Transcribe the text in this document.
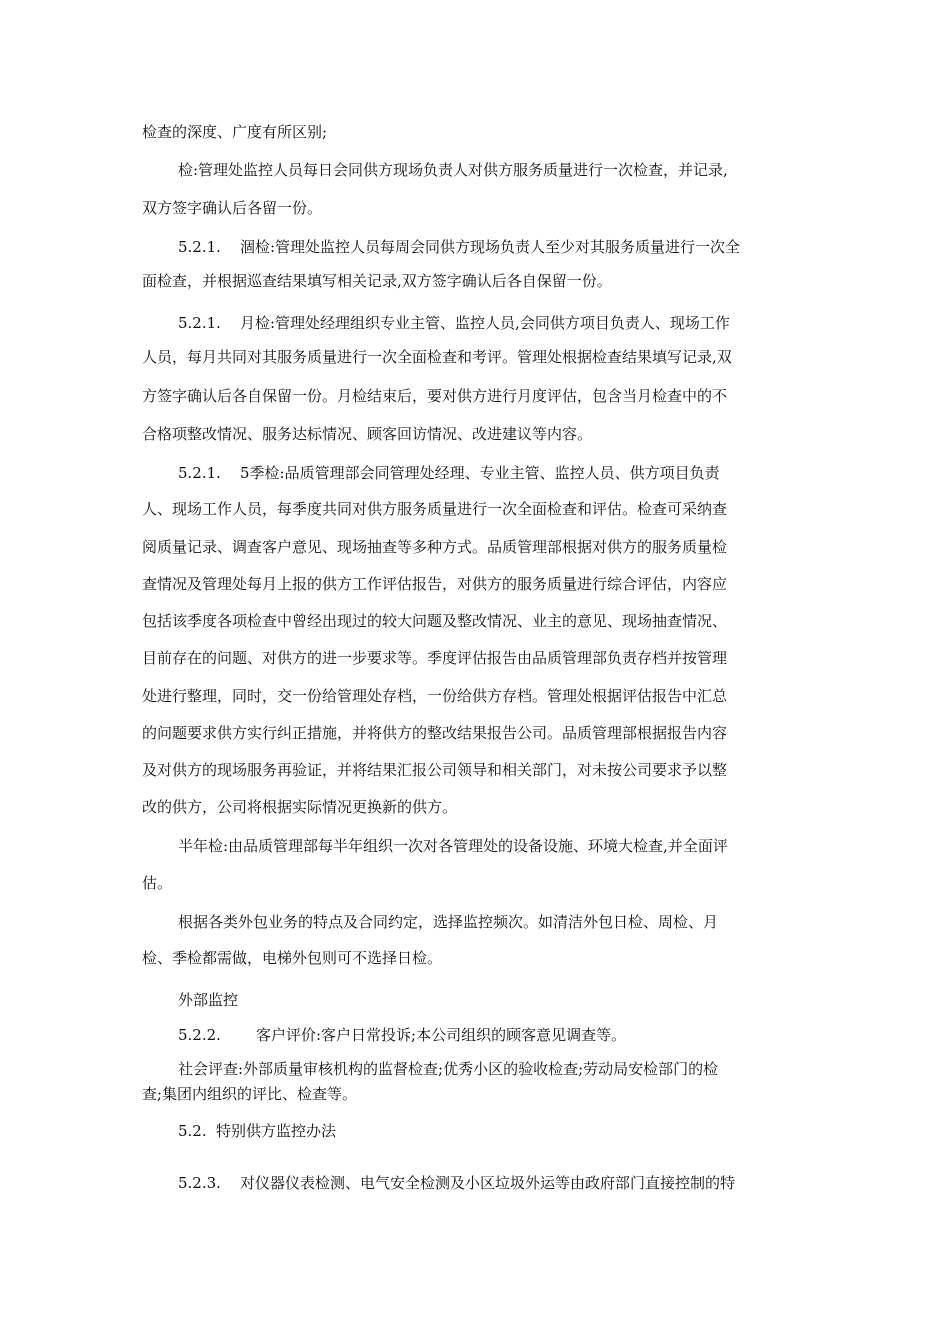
检查的深度、广度有所区别;
检:管理处监控人员每日会同供方现场负责人对供方服务质量进行一次检查，并记录,
双方签字确认后各留一份。
5.2.1. 涸检:管理处监控人员每周会同供方现场负责人至少对其服务质量进行一次全
面检查，并根据巡查结果填写相关记录,双方签字确认后各自保留一份。
5.2.1. 月检:管理处经理组织专业主管、监控人员,会同供方项目负责人、现场工作
人员，每月共同对其服务质量进行一次全面检查和考评。管理处根据检查结果填写记录,双
方签字确认后各自保留一份。月检结束后，要对供方进行月度评估，包含当月检查中的不
合格项整改情况、服务达标情况、顾客回访情况、改进建议等内容。
5.2.1. 5季检:品质管理部会同管理处经理、专业主管、监控人员、供方项目负责
人、现场工作人员，每季度共同对供方服务质量进行一次全面检查和评估。检查可采纳查
阅质量记录、调查客户意见、现场抽查等多种方式。品质管理部根据对供方的服务质量检
查情况及管理处每月上报的供方工作评估报告，对供方的服务质量进行综合评估，内容应
包括该季度各项检查中曾经出现过的较大问题及整改情况、业主的意见、现场抽查情况、
目前存在的问题、对供方的进一步要求等。季度评估报告由品质管理部负责存档并按管理
处进行整理，同时，交一份给管理处存档，一份给供方存档。管理处根据评估报告中汇总
的问题要求供方实行纠正措施，并将供方的整改结果报告公司。品质管理部根据报告内容
及对供方的现场服务再验证，并将结果汇报公司领导和相关部门，对未按公司要求予以整
改的供方，公司将根据实际情况更换新的供方。
半年检:由品质管理部每半年组织一次对各管理处的设备设施、环境大检查,并全面评
估。
根据各类外包业务的特点及合同约定，选择监控频次。如清洁外包日检、周检、月
检、季检都需做，电梯外包则可不选择日检。
外部监控
5.2.2. 客户评价:客户日常投诉;本公司组织的顾客意见调查等。
社会评查:外部质量审核机构的监督检查;优秀小区的验收检查;劳动局安检部门的检
查;集团内组织的评比、检查等。
5.2. 特别供方监控办法
5.2.3. 对仪器仪表检测、电气安全检测及小区垃圾外运等由政府部门直接控制的特
